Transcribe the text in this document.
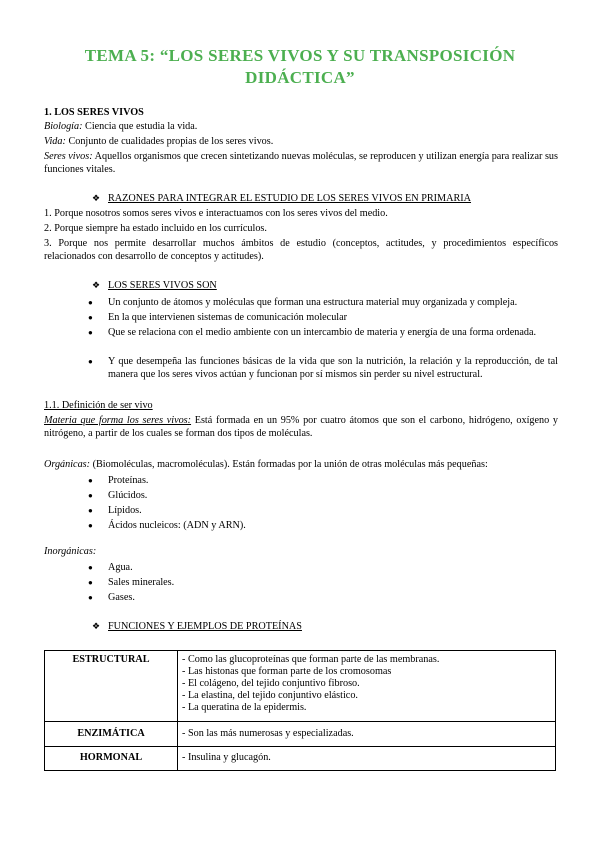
TEMA 5: “LOS SERES VIVOS Y SU TRANSPOSICIÓN
DIDÁCTICA”
1. LOS SERES VIVOS
Biología: Ciencia que estudia la vida.
Vida: Conjunto de cualidades propias de los seres vivos.
Seres vivos: Aquellos organismos que crecen sintetizando nuevas moléculas, se reproducen y utilizan energía para realizar sus funciones vitales.
❖ RAZONES PARA INTEGRAR EL ESTUDIO DE LOS SERES VIVOS EN PRIMARIA
1. Porque nosotros somos seres vivos e interactuamos con los seres vivos del medio.
2. Porque siempre ha estado incluido en los currículos.
3. Porque nos permite desarrollar muchos ámbitos de estudio (conceptos, actitudes, y procedimientos específicos relacionados con desarrollo de conceptos y actitudes).
❖ LOS SERES VIVOS SON
● Un conjunto de átomos y moléculas que forman una estructura material muy organizada y compleja.
● En la que intervienen sistemas de comunicación molecular
● Que se relaciona con el medio ambiente con un intercambio de materia y energía de una forma ordenada.
● Y que desempeña las funciones básicas de la vida que son la nutrición, la relación y la reproducción, de tal manera que los seres vivos actúan y funcionan por sí mismos sin perder su nivel estructural.
1.1. Definición de ser vivo
Materia que forma los seres vivos: Está formada en un 95% por cuatro átomos que son el carbono, hidrógeno, oxígeno y nitrógeno, a partir de los cuales se forman dos tipos de moléculas.
Orgánicas: (Biomoléculas, macromoléculas). Están formadas por la unión de otras moléculas más pequeñas:
● Proteínas.
● Glúcidos.
● Lípidos.
● Ácidos nucleicos: (ADN y ARN).
Inorgánicas:
● Agua.
● Sales minerales.
● Gases.
❖ FUNCIONES Y EJEMPLOS DE PROTEÍNAS
ESTRUCTURAL	- Como las glucoproteínas que forman parte de las membranas.
- Las histonas que forman parte de los cromosomas
- El colágeno, del tejido conjuntivo fibroso.
- La elastina, del tejido conjuntivo elástico.
- La queratina de la epidermis.

ENZIMÁTICA	- Son las más numerosas y especializadas.

HORMONAL	- Insulina y glucagón.
